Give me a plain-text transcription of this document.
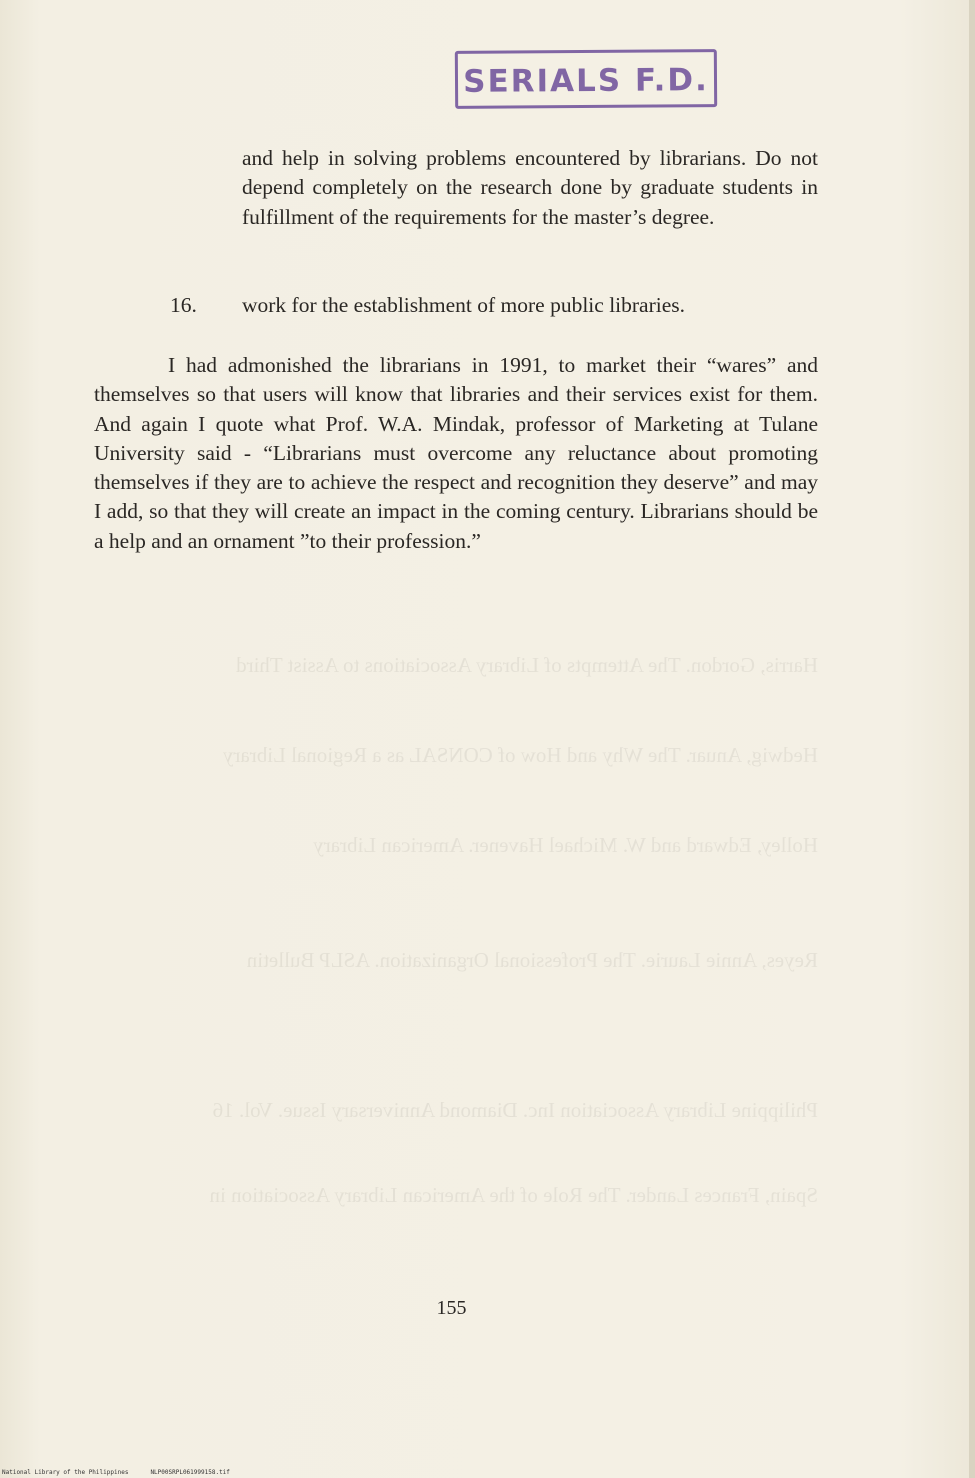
Harris, Gordon. The Attempts of Library Associations to Assist Third
Hedwig, Anuar. The Why and How of CONSAL as a Regional Library
Holley, Edward and W. Michael Havener. American Library
Reyes, Annie Laurie. The Professional Organization. ASLP Bulletin
Philippine Library Association Inc. Diamond Anniversary Issue. Vol. 16
Spain, Frances Lander. The Role of the American Library Association in
SERIALS F.D.

and help in solving problems encountered by librarians. Do not depend completely on the research done by graduate students in fulfillment of the requirements for the master’s degree.

16. work for the establishment of more public libraries.

I had admonished the librarians in 1991, to market their “wares” and themselves so that users will know that libraries and their services exist for them. And again I quote what Prof. W.A. Mindak, professor of Marketing at Tulane University said - “Librarians must overcome any reluctance about promoting themselves if they are to achieve the respect and recognition they deserve” and may I add, so that they will create an impact in the coming century. Librarians should be a help and an ornament ”to their profession.”

155
National Library of the Philippines	NLP00SRPL061999158.tif
